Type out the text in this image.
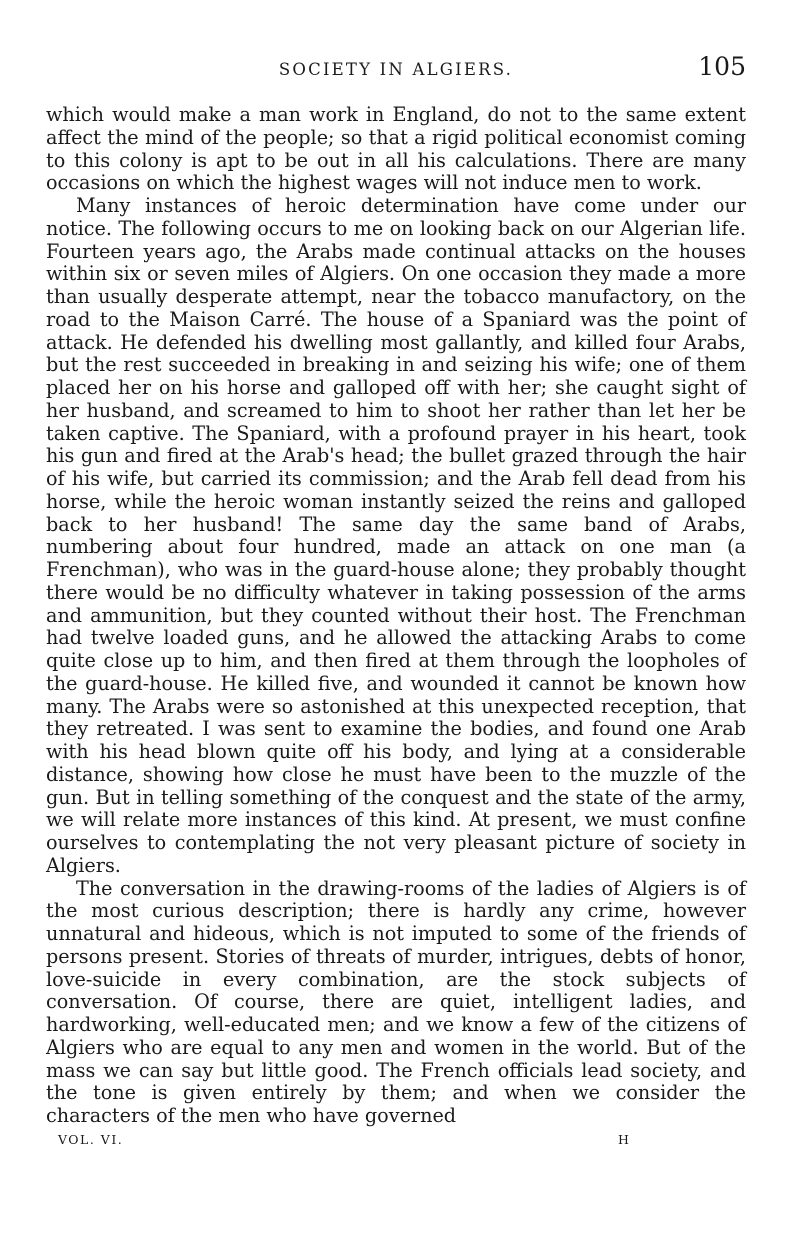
SOCIETY IN ALGIERS.	105

which would make a man work in England, do not to the same extent affect the mind of the people; so that a rigid political economist coming to this colony is apt to be out in all his calculations. There are many occasions on which the highest wages will not induce men to work.

Many instances of heroic determination have come under our notice. The following occurs to me on looking back on our Algerian life. Fourteen years ago, the Arabs made continual attacks on the houses within six or seven miles of Algiers. On one occasion they made a more than usually desperate attempt, near the tobacco manufactory, on the road to the Maison Carré. The house of a Spaniard was the point of attack. He defended his dwelling most gallantly, and killed four Arabs, but the rest succeeded in breaking in and seizing his wife; one of them placed her on his horse and galloped off with her; she caught sight of her husband, and screamed to him to shoot her rather than let her be taken captive. The Spaniard, with a profound prayer in his heart, took his gun and fired at the Arab's head; the bullet grazed through the hair of his wife, but carried its commission; and the Arab fell dead from his horse, while the heroic woman instantly seized the reins and galloped back to her husband! The same day the same band of Arabs, numbering about four hundred, made an attack on one man (a Frenchman), who was in the guard-house alone; they probably thought there would be no difficulty whatever in taking possession of the arms and ammunition, but they counted without their host. The Frenchman had twelve loaded guns, and he allowed the attacking Arabs to come quite close up to him, and then fired at them through the loopholes of the guard-house. He killed five, and wounded it cannot be known how many. The Arabs were so astonished at this unexpected reception, that they retreated. I was sent to examine the bodies, and found one Arab with his head blown quite off his body, and lying at a considerable distance, showing how close he must have been to the muzzle of the gun. But in telling something of the conquest and the state of the army, we will relate more instances of this kind. At present, we must confine ourselves to contemplating the not very pleasant picture of society in Algiers.

The conversation in the drawing-rooms of the ladies of Algiers is of the most curious description; there is hardly any crime, however unnatural and hideous, which is not imputed to some of the friends of persons present. Stories of threats of murder, intrigues, debts of honor, love-suicide in every combination, are the stock subjects of conversation. Of course, there are quiet, intelligent ladies, and hardworking, well-educated men; and we know a few of the citizens of Algiers who are equal to any men and women in the world. But of the mass we can say but little good. The French officials lead society, and the tone is given entirely by them; and when we consider the characters of the men who have governed

VOL. VI.	H
